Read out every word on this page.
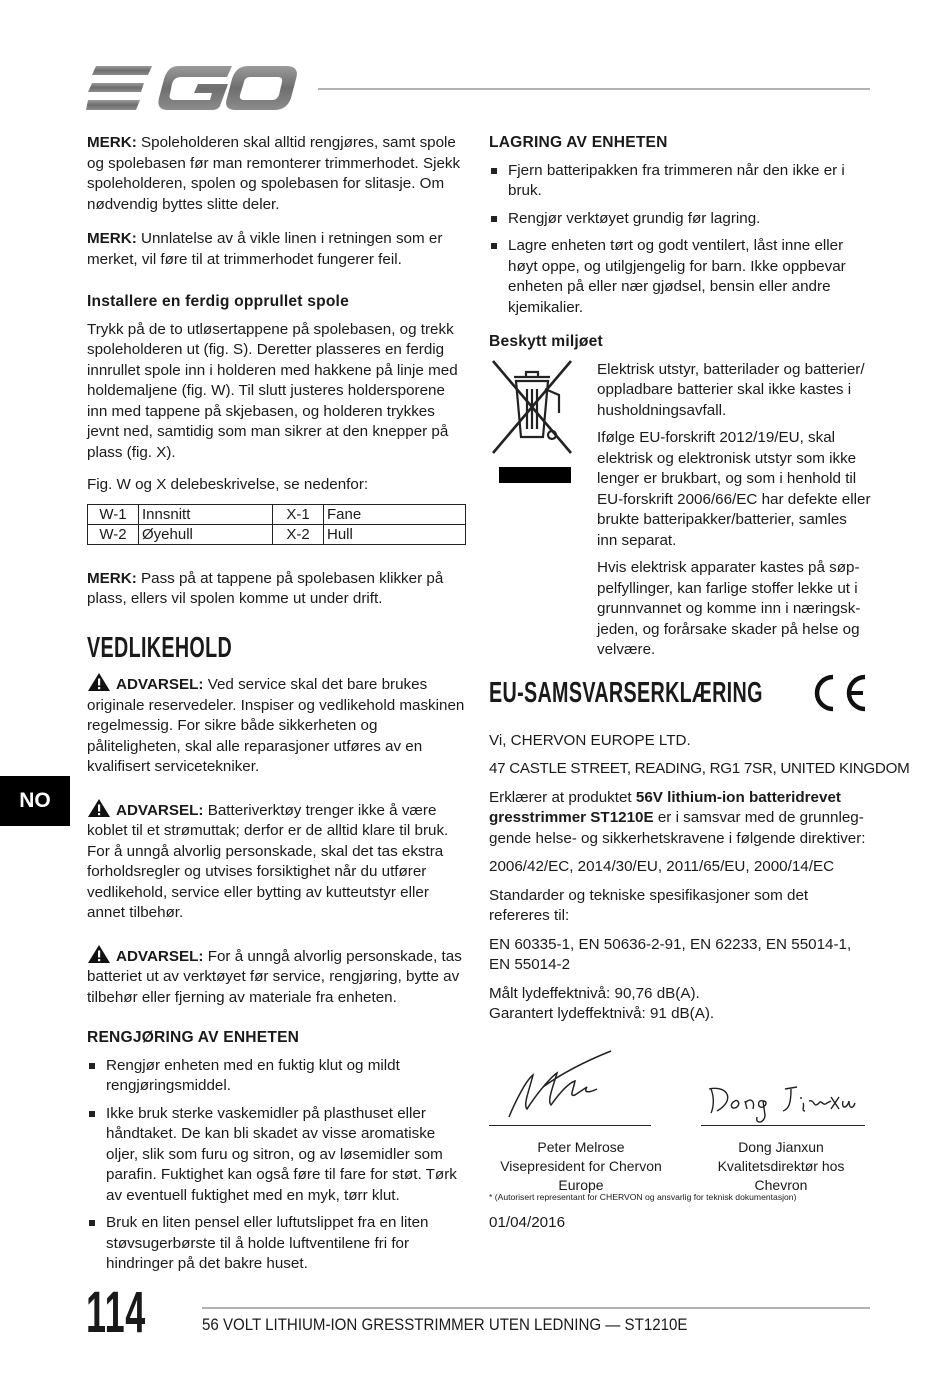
NO

MERK: Spoleholderen skal alltid rengjøres, samt spole og spolebasen før man remonterer trimmerhodet. Sjekk spoleholderen, spolen og spolebasen for slitasje. Om nødvendig byttes slitte deler.

MERK: Unnlatelse av å vikle linen i retningen som er merket, vil føre til at trimmerhodet fungerer feil.

Installere en ferdig opprullet spole

Trykk på de to utløsertappene på spolebasen, og trekk spoleholderen ut (fig. S). Deretter plasseres en ferdig innrullet spole inn i holderen med hakkene på linje med holdemaljene (fig. W). Til slutt justeres holdersporene inn med tappene på skjebasen, og holderen trykkes jevnt ned, samtidig som man sikrer at den knepper på plass (fig. X).

Fig. W og X delebeskrivelse, se nedenfor:

W-1	Innsnitt	X-1	Fane
W-2	Øyehull	X-2	Hull

MERK: Pass på at tappene på spolebasen klikker på plass, ellers vil spolen komme ut under drift.

VEDLIKEHOLD

ADVARSEL: Ved service skal det bare brukes originale reservedeler. Inspiser og vedlikehold maskinen regelmessig. For sikre både sikkerheten og påliteligheten, skal alle reparasjoner utføres av en kvalifisert servicetekniker.

ADVARSEL: Batteriverktøy trenger ikke å være koblet til et strømuttak; derfor er de alltid klare til bruk. For å unngå alvorlig personskade, skal det tas ekstra forholdsregler og utvises forsiktighet når du utfører vedlikehold, service eller bytting av kutteutstyr eller annet tilbehør.

ADVARSEL: For å unngå alvorlig personskade, tas batteriet ut av verktøyet før service, rengjøring, bytte av tilbehør eller fjerning av materiale fra enheten.

RENGJØRING AV ENHETEN
Rengjør enheten med en fuktig klut og mildt rengjøringsmiddel.
Ikke bruk sterke vaskemidler på plasthuset eller håndtaket. De kan bli skadet av visse aromatiske oljer, slik som furu og sitron, og av løsemidler som parafin. Fuktighet kan også føre til fare for støt. Tørk av eventuell fuktighet med en myk, tørr klut.
Bruk en liten pensel eller luftutslippet fra en liten støvsugerbørste til å holde luftventilene fri for hindringer på det bakre huset.
LAGRING AV ENHETEN
Fjern batteripakken fra trimmeren når den ikke er i bruk.
Rengjør verktøyet grundig før lagring.
Lagre enheten tørt og godt ventilert, låst inne eller høyt oppe, og utilgjengelig for barn. Ikke oppbevar enheten på eller nær gjødsel, bensin eller andre kjemikalier.
Beskytt miljøet

Elektrisk utstyr, batterilader og batterier/ oppladbare batterier skal ikke kastes i husholdningsavfall.

Ifølge EU-forskrift 2012/19/EU, skal elektrisk og elektronisk utstyr som ikke lenger er brukbart, og som i henhold til EU-forskrift 2006/66/EC har defekte eller brukte batteripakker/batterier, samles inn separat.

Hvis elektrisk apparater kastes på søp-pelfyllinger, kan farlige stoffer lekke ut i grunnvannet og komme inn i næringsk-jeden, og forårsake skader på helse og velvære.

EU-SAMSVARSERKLÆRING

Vi, CHERVON EUROPE LTD.

47 CASTLE STREET, READING, RG1 7SR, UNITED KINGDOM

Erklærer at produktet 56V lithium-ion batteridrevet gresstrimmer ST1210E er i samsvar med de grunnleg-gende helse- og sikkerhetskravene i følgende direktiver:

2006/42/EC, 2014/30/EU, 2011/65/EU, 2000/14/EC

Standarder og tekniske spesifikasjoner som det refereres til:

EN 60335-1, EN 50636-2-91, EN 62233, EN 55014-1, EN 55014-2

Målt lydeffektnivå: 90,76 dB(A).

Garantert lydeffektnivå: 91 dB(A).

Peter Melrose
Visepresident for Chervon Europe
Dong Jianxun
Kvalitetsdirektør hos Chevron

* (Autorisert representant for CHERVON og ansvarlig for teknisk dokumentasjon)

01/04/2016

114	56 VOLT LITHIUM-ION GRESSTRIMMER UTEN LEDNING — ST1210E
